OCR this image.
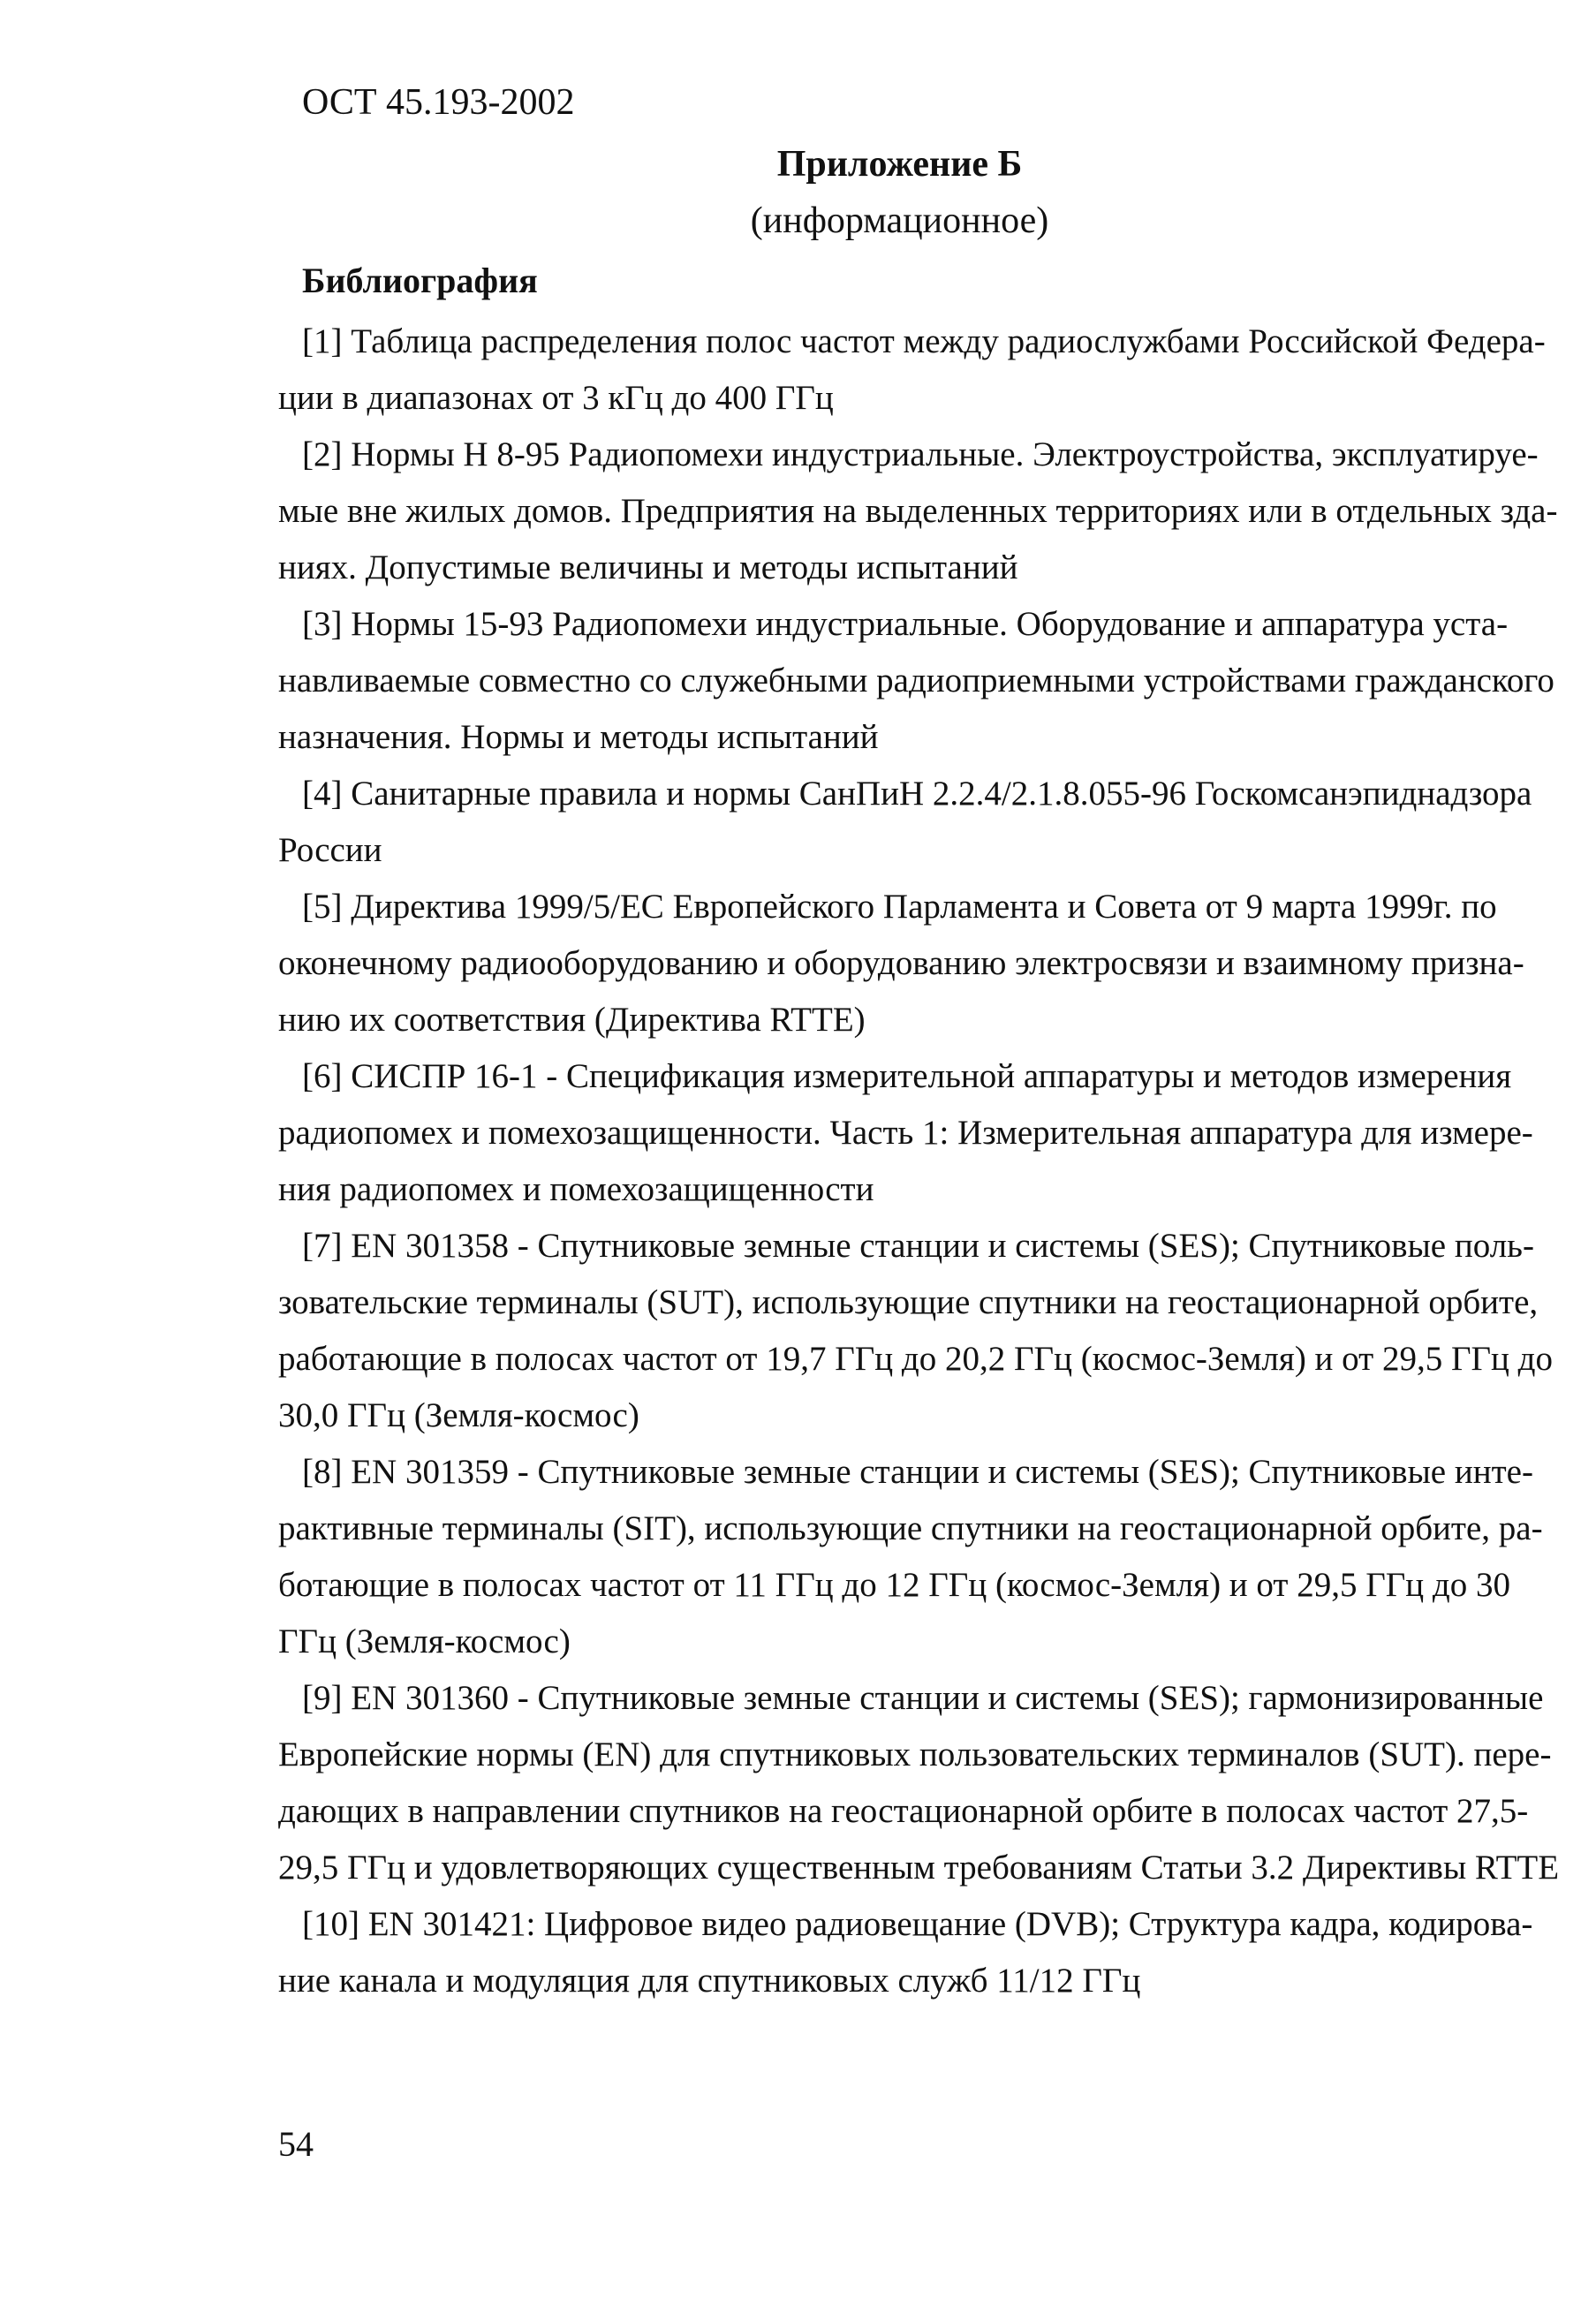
ОСТ 45.193-2002
Приложение Б
(информационное)
Библиография
[1] Таблица распределения полос частот между радиослужбами Российской Федера-
ции в диапазонах от 3 кГц до 400 ГГц
[2] Нормы Н 8-95 Радиопомехи индустриальные. Электроустройства, эксплуатируе-
мые вне жилых домов. Предприятия на выделенных территориях или в отдельных зда-
ниях. Допустимые величины и методы испытаний
[3] Нормы 15-93 Радиопомехи индустриальные. Оборудование и аппаратура уста-
навливаемые совместно со служебными радиоприемными устройствами гражданского
назначения. Нормы и методы испытаний
[4] Санитарные правила и нормы СанПиН 2.2.4/2.1.8.055-96 Госкомсанэпиднадзора
России
[5] Директива 1999/5/ЕС Европейского Парламента и Совета от 9 марта 1999г. по
оконечному радиооборудованию и оборудованию электросвязи и взаимному призна-
нию их соответствия (Директива RTTE)
[6] СИСПР 16-1 - Спецификация измерительной аппаратуры и методов измерения
радиопомех и помехозащищенности. Часть 1: Измерительная аппаратура для измере-
ния радиопомех и помехозащищенности
[7] EN 301358 - Спутниковые земные станции и системы (SES); Спутниковые поль-
зовательские терминалы (SUT), использующие спутники на геостационарной орбите,
работающие в полосах частот от 19,7 ГГц до 20,2 ГГц (космос-Земля) и от 29,5 ГГц до
30,0 ГГц (Земля-космос)
[8] EN 301359 - Спутниковые земные станции и системы (SES); Спутниковые инте-
рактивные терминалы (SIT), использующие спутники на геостационарной орбите, ра-
ботающие в полосах частот от 11 ГГц до 12 ГГц (космос-Земля) и от 29,5 ГГц до 30
ГГц (Земля-космос)
[9] EN 301360 - Спутниковые земные станции и системы (SES); гармонизированные
Европейские нормы (EN) для спутниковых пользовательских терминалов (SUT). пере-
дающих в направлении спутников на геостационарной орбите в полосах частот 27,5-
29,5 ГГц и удовлетворяющих существенным требованиям Статьи 3.2 Директивы RTTE
[10] EN 301421: Цифровое видео радиовещание (DVB); Структура кадра, кодирова-
ние канала и модуляция для спутниковых служб 11/12 ГГц
54
